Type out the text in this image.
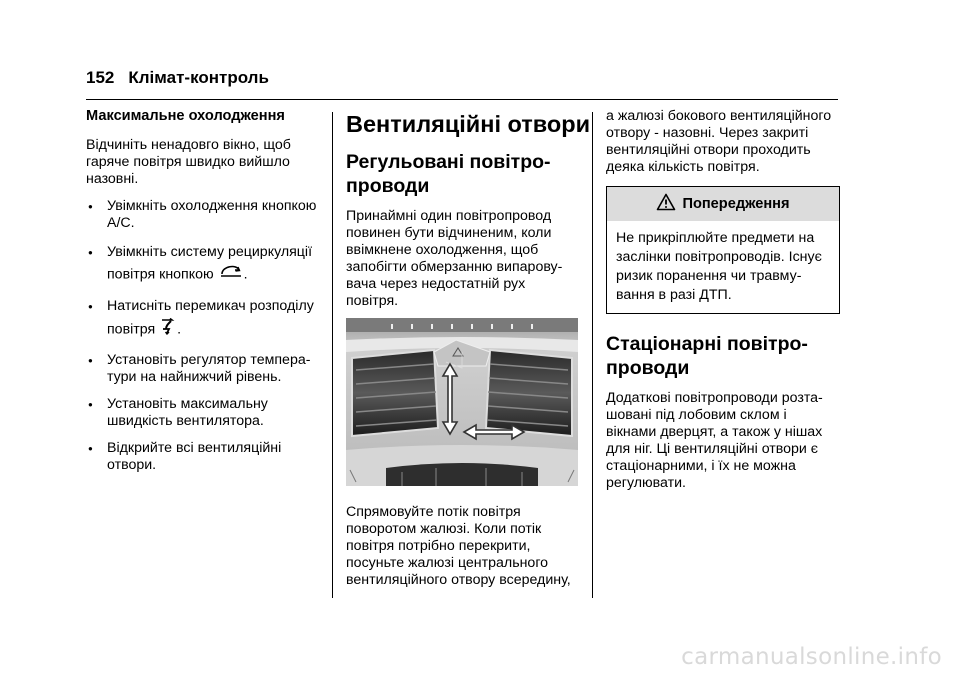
152 Клімат-контроль
Максимальне охолодження

Відчиніть ненадовго вікно, щоб гаряче повітря швидко вийшло назовні.

● Увімкніть охолодження кнопкою A/C.
● Увімкніть систему рециркуляції повітря кнопкою .
● Натисніть перемикач розподілу повітря .
● Установіть регулятор темпера-тури на найнижчий рівень.
● Установіть максимальну швидкість вентилятора.
● Відкрийте всі вентиляційні отвори.
Вентиляційні отвори
Регульовані повітро-проводи

Принаймні один повітропровод повинен бути відчиненим, коли ввімкнене охолодження, щоб запобігти обмерзанню випарову-вача через недостатній рух повітря.

Спрямовуйте потік повітря поворотом жалюзі. Коли потік повітря потрібно перекрити, посуньте жалюзі центрального вентиляційного отвору всередину,

а жалюзі бокового вентиляційного отвору - назовні. Через закриті вентиляційні отвори проходить деяка кількість повітря.

Попередження
Не прикріплюйте предмети на заслінки повітропроводів. Існує ризик поранення чи травму-вання в разі ДТП.
Стаціонарні повітро-проводи

Додаткові повітропроводи розта-шовані під лобовим склом і вікнами дверцят, а також у нішах для ніг. Ці вентиляційні отвори є стаціонарними, і їх не можна регулювати.

carmanualsonline.info
